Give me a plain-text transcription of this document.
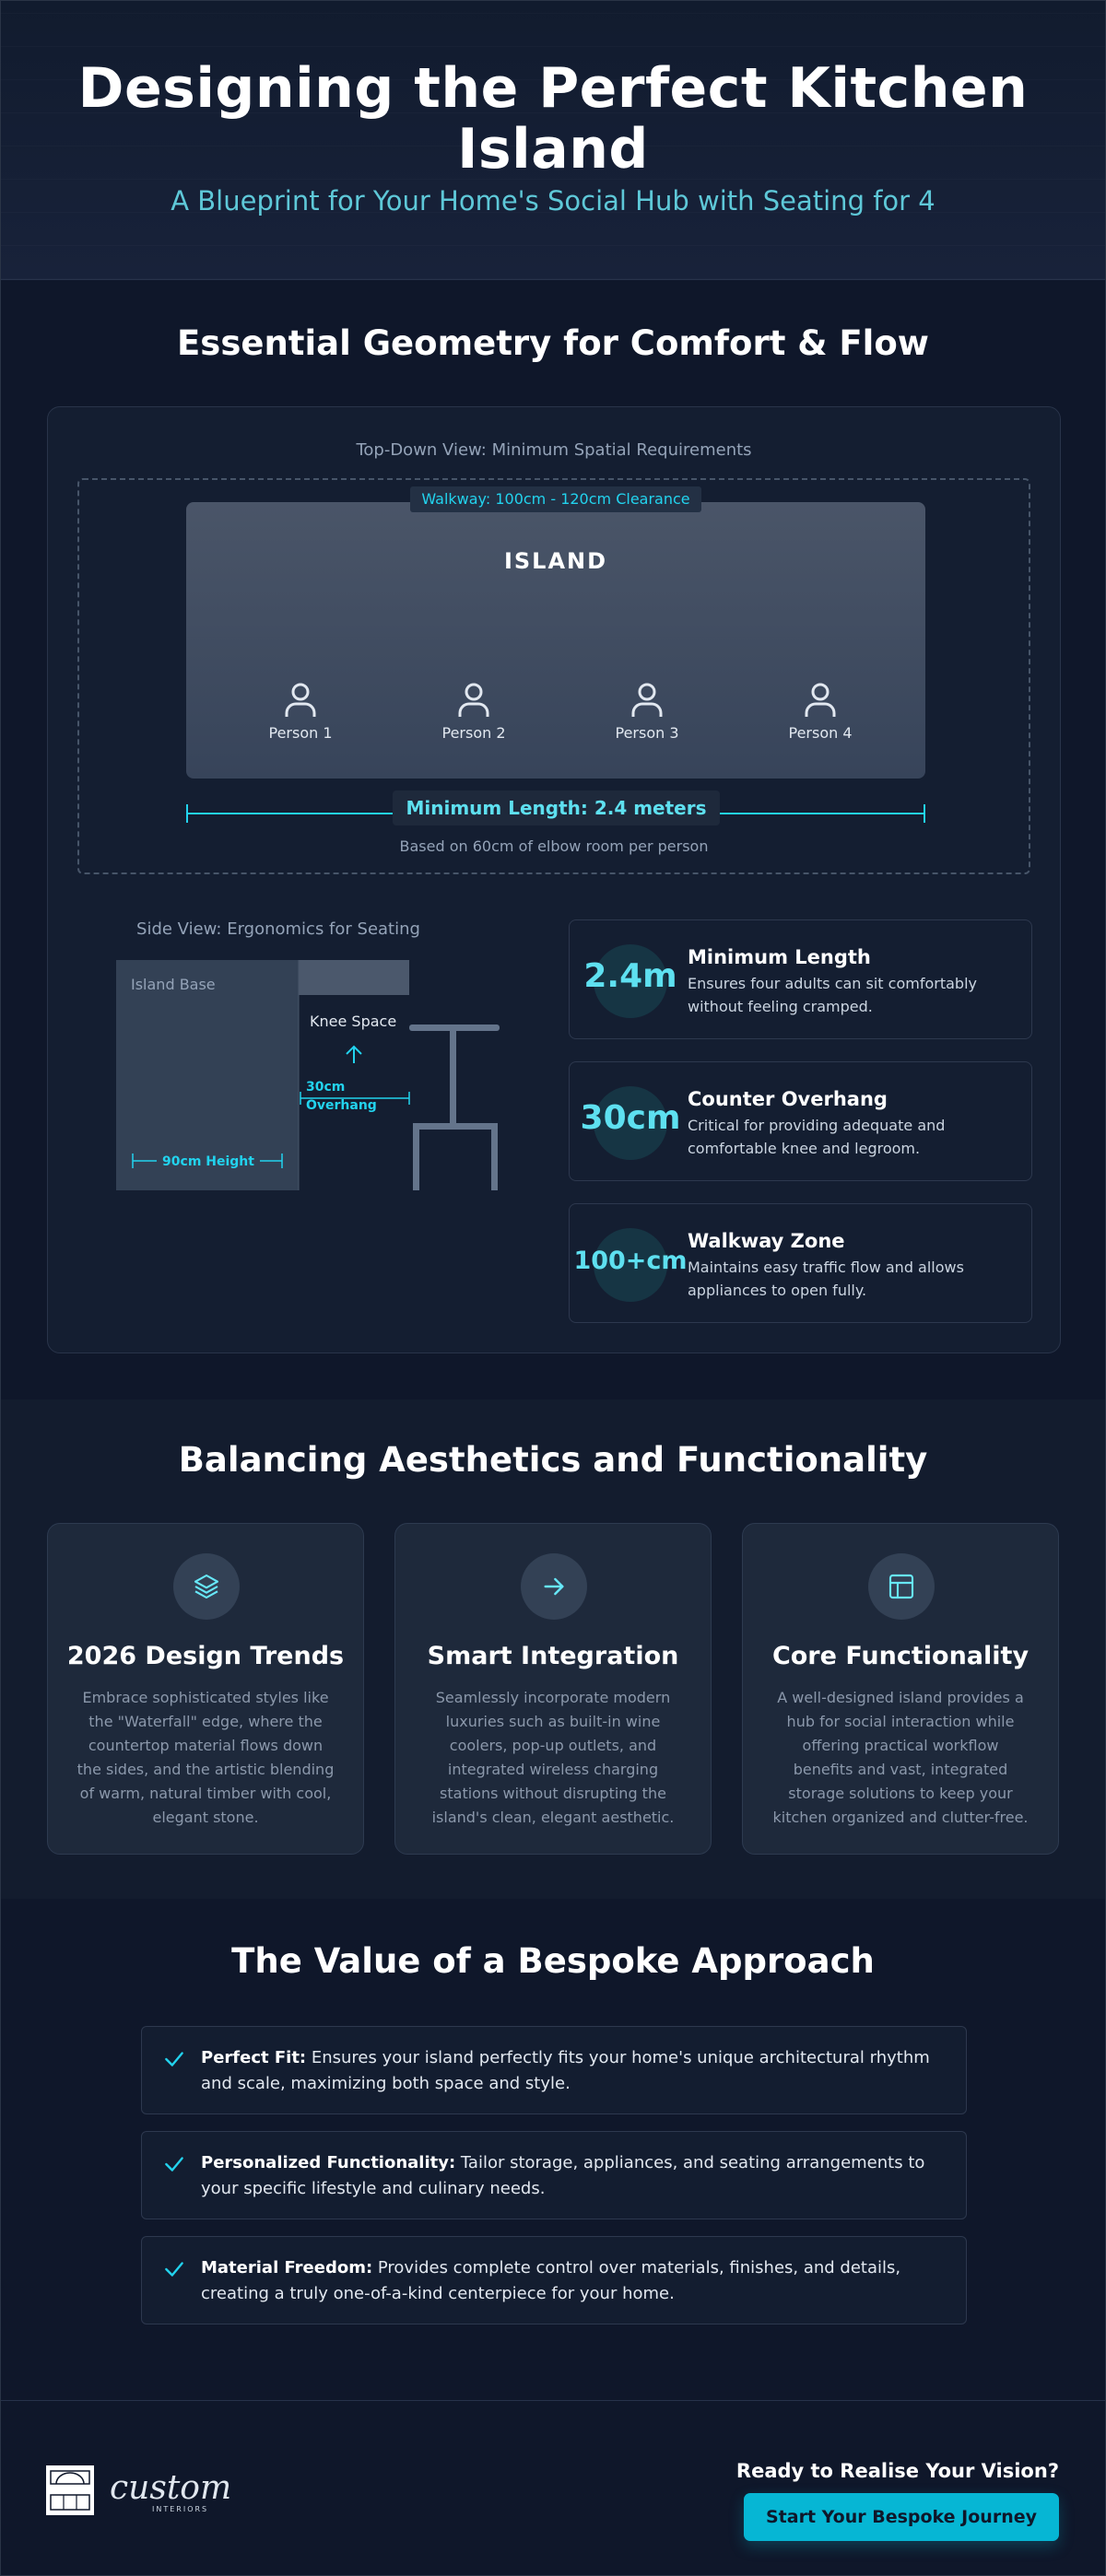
Designing the Perfect Kitchen Island
A Blueprint for Your Home's Social Hub with Seating for 4
Essential Geometry for Comfort & Flow
Top-Down View: Minimum Spatial Requirements
ISLAND
Person 1	Person 2	Person 3	Person 4
Walkway: 100cm - 120cm Clearance
Minimum Length: 2.4 meters
Based on 60cm of elbow room per person
Side View: Ergonomics for Seating
Island Base
Knee Space
30cm
Overhang
90cm Height
2.4m Minimum Length
Ensures four adults can sit comfortably without feeling cramped.
30cm Counter Overhang
Critical for providing adequate and comfortable knee and legroom.
100+cm
Walkway Zone
Maintains easy traffic flow and allows appliances to open fully.
Balancing Aesthetics and Functionality
2026 Design Trends
Embrace sophisticated styles like the "Waterfall" edge, where the countertop material flows down the sides, and the artistic blending of warm, natural timber with cool, elegant stone.
Smart Integration
Seamlessly incorporate modern luxuries such as built-in wine coolers, pop-up outlets, and integrated wireless charging stations without disrupting the island's clean, elegant aesthetic.
Core Functionality
A well-designed island provides a hub for social interaction while offering practical workflow benefits and vast, integrated storage solutions to keep your kitchen organized and clutter-free.
The Value of a Bespoke Approach
Perfect Fit: Ensures your island perfectly fits your home's unique architectural rhythm and scale, maximizing both space and style.
Personalized Functionality: Tailor storage, appliances, and seating arrangements to your specific lifestyle and culinary needs.
Material Freedom: Provides complete control over materials, finishes, and details, creating a truly one-of-a-kind centerpiece for your home.
custom
INTERIORS
Ready to Realise Your Vision?
Start Your Bespoke Journey
